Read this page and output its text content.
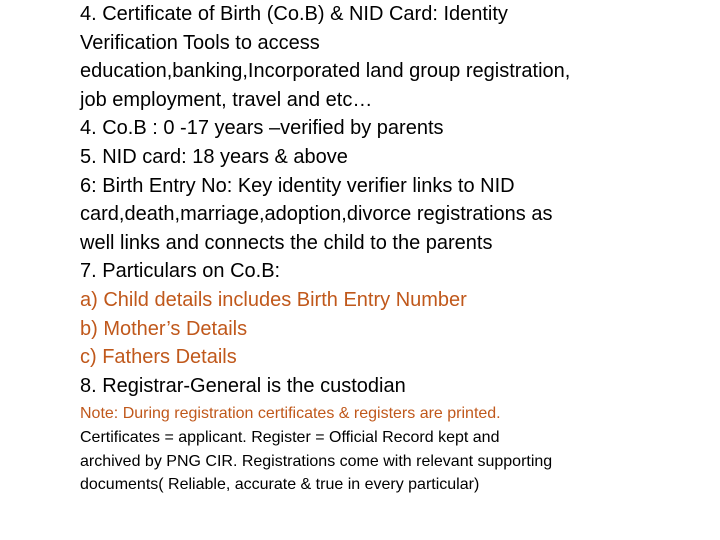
4. Certificate of Birth (Co.B) & NID Card: Identity
Verification Tools to access
education,banking,Incorporated land group registration,
job employment, travel and etc…
4. Co.B : 0 -17 years –verified by parents
5. NID card: 18 years & above
6: Birth Entry No: Key identity verifier links to NID
card,death,marriage,adoption,divorce registrations as
well links and connects the child to the parents
7. Particulars on Co.B:
a) Child details includes Birth Entry Number
b) Mother’s Details
c) Fathers Details
8. Registrar-General is the custodian
Note: During registration certificates & registers are printed.
Certificates = applicant. Register = Official Record kept and
archived by PNG CIR. Registrations come with relevant supporting
documents( Reliable, accurate & true in every particular)
